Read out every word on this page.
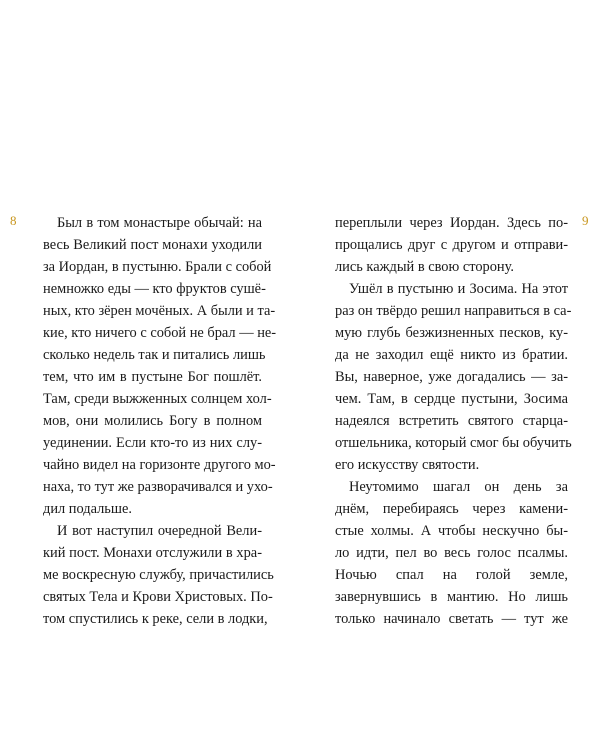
8	Был в том монастыре обычай: на
весь Великий пост монахи уходили
за Иордан, в пустыню. Брали с собой
немножко еды — кто фруктов сушё-
ных, кто зёрен мочёных. А были и та-
кие, кто ничего с собой не брал — не-
сколько недель так и питались лишь
тем, что им в пустыне Бог пошлёт.
Там, среди выжженных солнцем хол-
мов, они молились Богу в полном
уединении. Если кто-то из них слу-
чайно видел на горизонте другого мо-
наха, то тут же разворачивался и ухо-
дил подальше.
И вот наступил очередной Вели-
кий пост. Монахи отслужили в хра-
ме воскресную службу, причастились
святых Тела и Крови Христовых. По-
том спустились к реке, сели в лодки,
переплыли через Иордан. Здесь по-
прощались друг с другом и отправи-
лись каждый в свою сторону.
Ушёл в пустыню и Зосима. На этот
раз он твёрдо решил направиться в са-
мую глубь безжизненных песков, ку-
да не заходил ещё никто из братии.
Вы, наверное, уже догадались — за-
чем. Там, в сердце пустыни, Зосима
надеялся встретить святого старца-
отшельника, который смог бы обучить
его искусству святости.
Неутомимо шагал он день за
днём, перебираясь через камени-
стые холмы. А чтобы нескучно бы-
ло идти, пел во весь голос псалмы.
Ночью спал на голой земле,
завернувшись в мантию. Но лишь
только начинало светать — тут же
9
